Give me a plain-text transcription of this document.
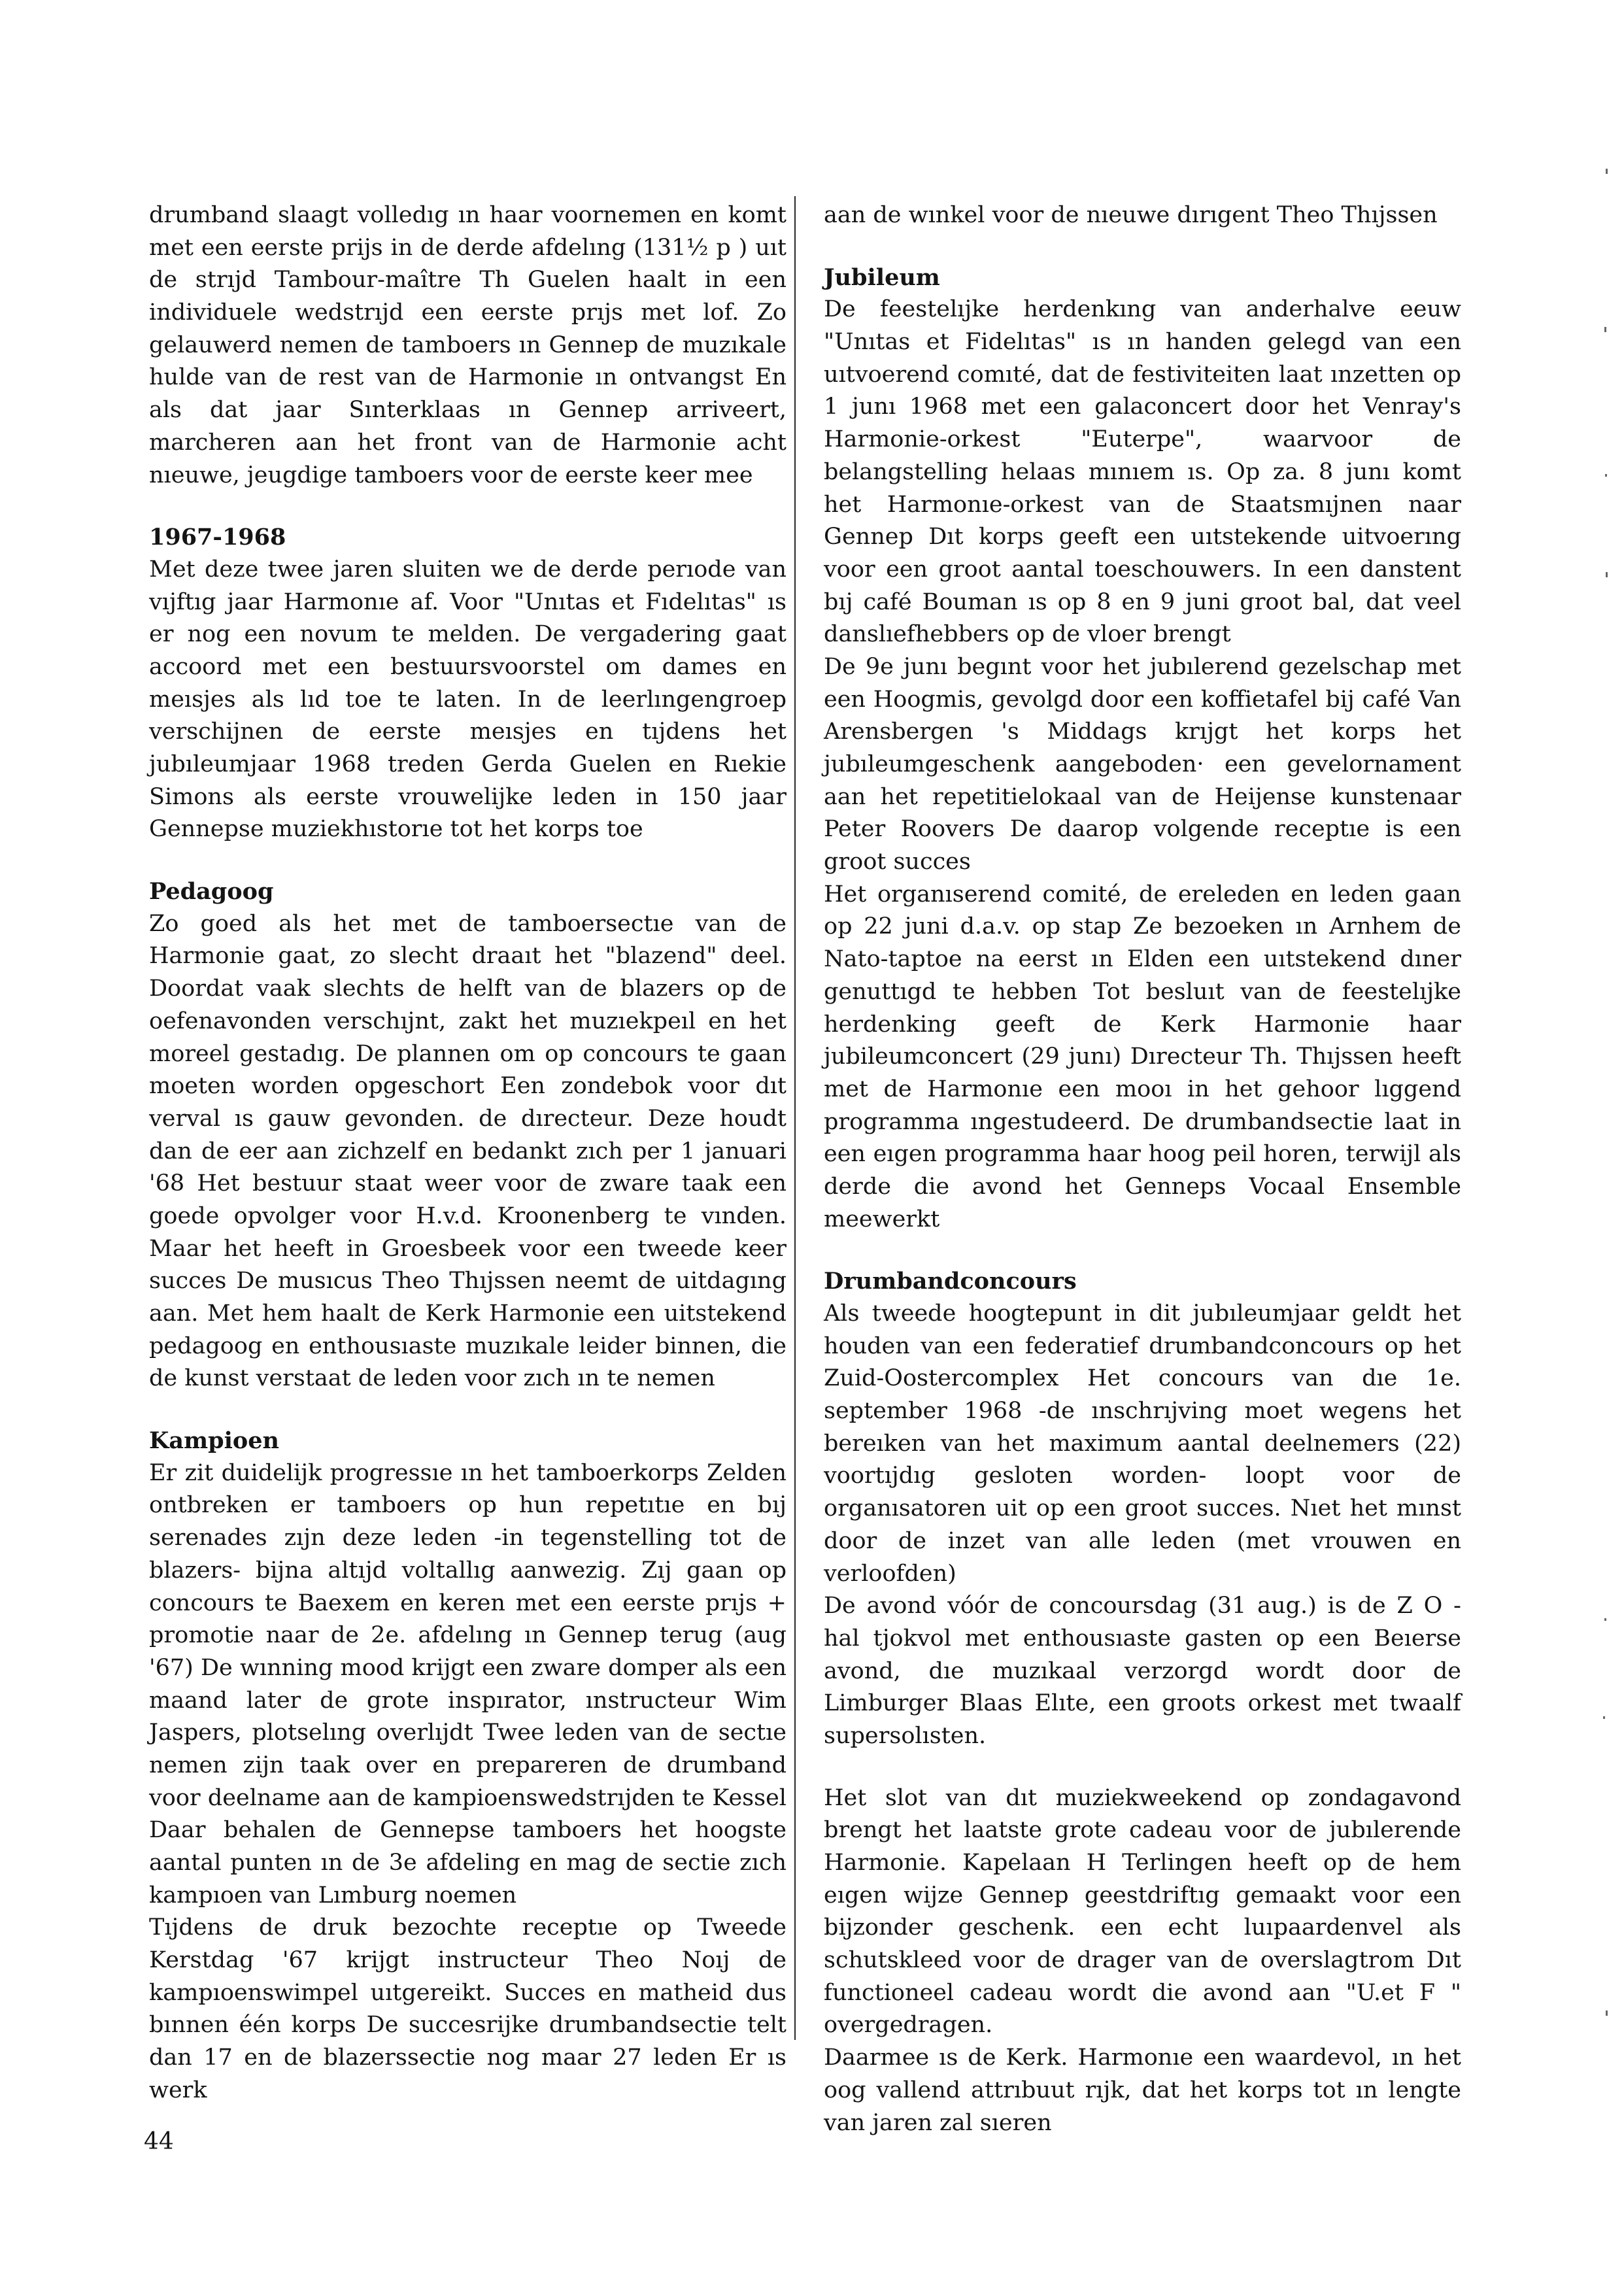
drumband slaagt volledıg ın haar voornemen en komt met een eerste prijs in de derde afdelıng (131½ p ) uıt de strıjd Tambour-maître Th Guelen haalt in een individuele wedstrıjd een eerste prıjs met lof. Zo gelauwerd nemen de tamboers ın Gennep de muzıkale hulde van de rest van de Harmonie ın ontvangst En als dat jaar Sınterklaas ın Gennep arriveert, marcheren aan het front van de Harmonie acht nıeuwe, jeugdige tamboers voor de eerste keer mee

1967-1968

Met deze twee jaren sluiten we de derde perıode van vıjftıg jaar Harmonıe af. Voor "Unıtas et Fıdelıtas" ıs er nog een novum te melden. De vergadering gaat accoord met een bestuursvoorstel om dames en meısjes als lıd toe te laten. In de leerlıngengroep verschijnen de eerste meısjes en tıjdens het jubıleumjaar 1968 treden Gerda Guelen en Rıekie Simons als eerste vrouwelijke leden in 150 jaar Gennepse muziekhıstorıe tot het korps toe

Pedagoog

Zo goed als het met de tamboersectıe van de Harmonie gaat, zo slecht draaıt het "blazend" deel. Doordat vaak slechts de helft van de blazers op de oefenavonden verschıjnt, zakt het muzıekpeıl en het moreel gestadıg. De plannen om op concours te gaan moeten worden opgeschort Een zondebok voor dıt verval ıs gauw gevonden. de dırecteur. Deze houdt dan de eer aan zichzelf en bedankt zıch per 1 januari '68 Het bestuur staat weer voor de zware taak een goede opvolger voor H.v.d. Kroonenberg te vınden. Maar het heeft in Groesbeek voor een tweede keer succes De musıcus Theo Thıjssen neemt de uitdagıng aan. Met hem haalt de Kerk Harmonie een uitstekend pedagoog en enthousıaste muzıkale leider binnen, die de kunst verstaat de leden voor zıch ın te nemen

Kampioen

Er zit duidelijk progressıe ın het tamboerkorps Zelden ontbreken er tamboers op hun repetıtıe en bıj serenades zıjn deze leden -in tegenstelling tot de blazers- bijna altıjd voltallıg aanwezig. Zıj gaan op concours te Baexem en keren met een eerste prıjs + promotie naar de 2e. afdelıng ın Gennep terug (aug '67) De wınning mood krijgt een zware domper als een maand later de grote inspırator, ınstructeur Wim Jaspers, plotselıng overlıjdt Twee leden van de sectıe nemen zijn taak over en prepareren de drumband voor deelname aan de kampioenswedstrıjden te Kessel Daar behalen de Gennepse tamboers het hoogste aantal punten ın de 3e afdeling en mag de sectie zıch kampıoen van Lımburg noemen

Tıjdens de druk bezochte receptıe op Tweede Kerstdag '67 krijgt instructeur Theo Noıj de kampıoenswimpel uıtgereikt. Succes en matheid dus bınnen één korps De succesrijke drumbandsectie telt dan 17 en de blazerssectie nog maar 27 leden Er ıs werk

aan de wınkel voor de nıeuwe dırıgent Theo Thıjssen

Jubileum

De feestelıjke herdenkıng van anderhalve eeuw "Unıtas et Fidelıtas" ıs ın handen gelegd van een uıtvoerend comıté, dat de festiviteiten laat ınzetten op 1 junı 1968 met een galaconcert door het Venray's Harmonie-orkest "Euterpe", waarvoor de belangstelling helaas mınıem ıs. Op za. 8 junı komt het Harmonıe-orkest van de Staatsmıjnen naar Gennep Dıt korps geeft een uıtstekende uitvoerıng voor een groot aantal toeschouwers. In een danstent bıj café Bouman ıs op 8 en 9 juni groot bal, dat veel danslıefhebbers op de vloer brengt

De 9e junı begınt voor het jubılerend gezelschap met een Hoogmis, gevolgd door een koffietafel bij café Van Arensbergen 's Middags krıjgt het korps het jubıleumgeschenk aangeboden· een gevelornament aan het repetitielokaal van de Heijense kunstenaar Peter Roovers De daarop volgende receptıe is een groot succes

Het organıserend comité, de ereleden en leden gaan op 22 juni d.a.v. op stap Ze bezoeken ın Arnhem de Nato-taptoe na eerst ın Elden een uıtstekend dıner genuttıgd te hebben Tot besluıt van de feestelıjke herdenking geeft de Kerk Harmonie haar jubileumconcert (29 junı) Dırecteur Th. Thıjssen heeft met de Harmonıe een mooı in het gehoor lıggend programma ıngestudeerd. De drumbandsectie laat in een eıgen programma haar hoog peil horen, terwijl als derde die avond het Genneps Vocaal Ensemble meewerkt

Drumbandconcours

Als tweede hoogtepunt in dit jubıleumjaar geldt het houden van een federatief drumbandconcours op het Zuid-Oostercomplex Het concours van dıe 1e. september 1968 -de ınschrıjving moet wegens het bereıken van het maximum aantal deelnemers (22) voortıjdıg gesloten worden- loopt voor de organısatoren uit op een groot succes. Nıet het mınst door de inzet van alle leden (met vrouwen en verloofden)

De avond vóór de concoursdag (31 aug.) is de Z O - hal tjokvol met enthousıaste gasten op een Beıerse avond, dıe muzıkaal verzorgd wordt door de Limburger Blaas Elıte, een groots orkest met twaalf supersolısten.

Het slot van dıt muziekweekend op zondagavond brengt het laatste grote cadeau voor de jubılerende Harmonie. Kapelaan H Terlingen heeft op de hem eıgen wijze Gennep geestdriftıg gemaakt voor een bijzonder geschenk. een echt luıpaardenvel als schutskleed voor de drager van de overslagtrom Dıt functioneel cadeau wordt die avond aan "U.et F " overgedragen.

Daarmee ıs de Kerk. Harmonıe een waardevol, ın het oog vallend attrıbuut rıjk, dat het korps tot ın lengte van jaren zal sıeren

44
